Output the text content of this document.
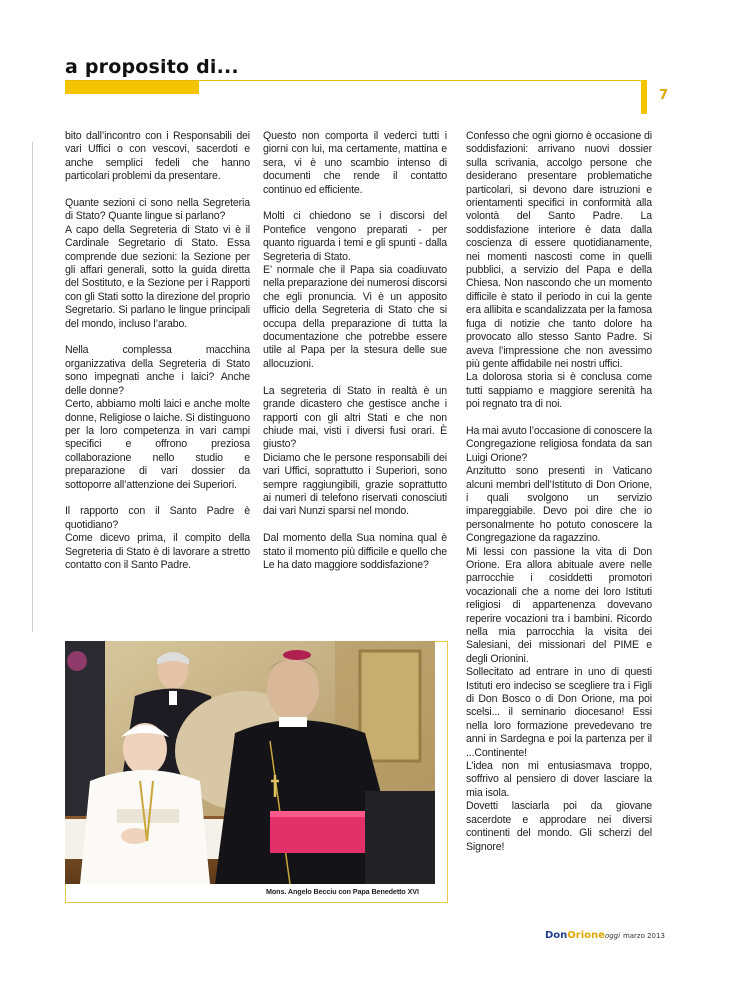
a proposito di...
7

bito dall’incontro con i Responsabili dei vari Uffici o con vescovi, sacerdoti e anche semplici fedeli che hanno particolari problemi da presentare.

Quante sezioni ci sono nella Segreteria di Stato? Quante lingue si parlano?

A capo della Segreteria di Stato vi è il Cardinale Segretario di Stato. Essa comprende due sezioni: la Sezione per gli affari generali, sotto la guida diretta del Sostituto, e la Sezione per i Rapporti con gli Stati sotto la direzione del proprio Segretario. Si parlano le lingue principali del mondo, incluso l’arabo.

Nella complessa macchina organizzativa della Segreteria di Stato sono impegnati anche i laici? Anche delle donne?

Certo, abbiamo molti laici e anche molte donne, Religiose o laiche. Si distinguono per la loro competenza in vari campi specifici e offrono preziosa collaborazione nello studio e preparazione di vari dossier da sottoporre all’attenzione dei Superiori.

Il rapporto con il Santo Padre è quotidiano?

Come dicevo prima, il compito della Segreteria di Stato è di lavorare a stretto contatto con il Santo Padre.

Questo non comporta il vederci tutti i giorni con lui, ma certamente, mattina e sera, vi è uno scambio intenso di documenti che rende il contatto continuo ed efficiente.

Molti ci chiedono se i discorsi del Pontefice vengono preparati - per quanto riguarda i temi e gli spunti - dalla Segreteria di Stato.

E’ normale che il Papa sia coadiuvato nella preparazione dei numerosi discorsi che egli pronuncia. Vi è un apposito ufficio della Segreteria di Stato che si occupa della preparazione di tutta la documentazione che potrebbe essere utile al Papa per la stesura delle sue allocuzioni.

La segreteria di Stato in realtà è un grande dicastero che gestisce anche i rapporti con gli altri Stati e che non chiude mai, visti i diversi fusi orari. È giusto?

Diciamo che le persone responsabili dei vari Uffici, soprattutto i Superiori, sono sempre raggiungibili, grazie soprattutto ai numeri di telefono riservati conosciuti dai vari Nunzi sparsi nel mondo.

Dal momento della Sua nomina qual è stato il momento più difficile e quello che Le ha dato maggiore soddisfazione?

Confesso che ogni giorno è occasione di soddisfazioni: arrivano nuovi dossier sulla scrivania, accolgo persone che desiderano presentare problematiche particolari, si devono dare istruzioni e orientamenti specifici in conformità alla volontà del Santo Padre. La soddisfazione interiore è data dalla coscienza di essere quotidianamente, nei momenti nascosti come in quelli pubblici, a servizio del Papa e della Chiesa. Non nascondo che un momento difficile è stato il periodo in cui la gente era allibita e scandalizzata per la famosa fuga di notizie che tanto dolore ha provocato allo stesso Santo Padre. Si aveva l’impressione che non avessimo più gente affidabile nei nostri uffici.

La dolorosa storia si è conclusa come tutti sappiamo e maggiore serenità ha poi regnato tra di noi.

Ha mai avuto l’occasione di conoscere la Congregazione religiosa fondata da san Luigi Orione?

Anzitutto sono presenti in Vaticano alcuni membri dell’Istituto di Don Orione, i quali svolgono un servizio impareggiabile. Devo poi dire che io personalmente ho potuto conoscere la Congregazione da ragazzino.

Mi lessi con passione la vita di Don Orione. Era allora abituale avere nelle parrocchie i cosiddetti promotori vocazionali che a nome dei loro Istituti religiosi di appartenenza dovevano reperire vocazioni tra i bambini. Ricordo nella mia parrocchia la visita dei Salesiani, dei missionari del PIME e degli Orionini.

Sollecitato ad entrare in uno di questi Istituti ero indeciso se scegliere tra i Figli di Don Bosco o di Don Orione, ma poi scelsi... il seminario diocesano! Essi nella loro formazione prevedevano tre anni in Sardegna e poi la partenza per il ...Continente!

L’idea non mi entusiasmava troppo, soffrivo al pensiero di dover lasciare la mia isola.

Dovetti lasciarla poi da giovane sacerdote e approdare nei diversi continenti del mondo. Gli scherzi del Signore!

Mons. Angelo Becciu con Papa Benedetto XVI
DonOrioneoggi marzo 2013
